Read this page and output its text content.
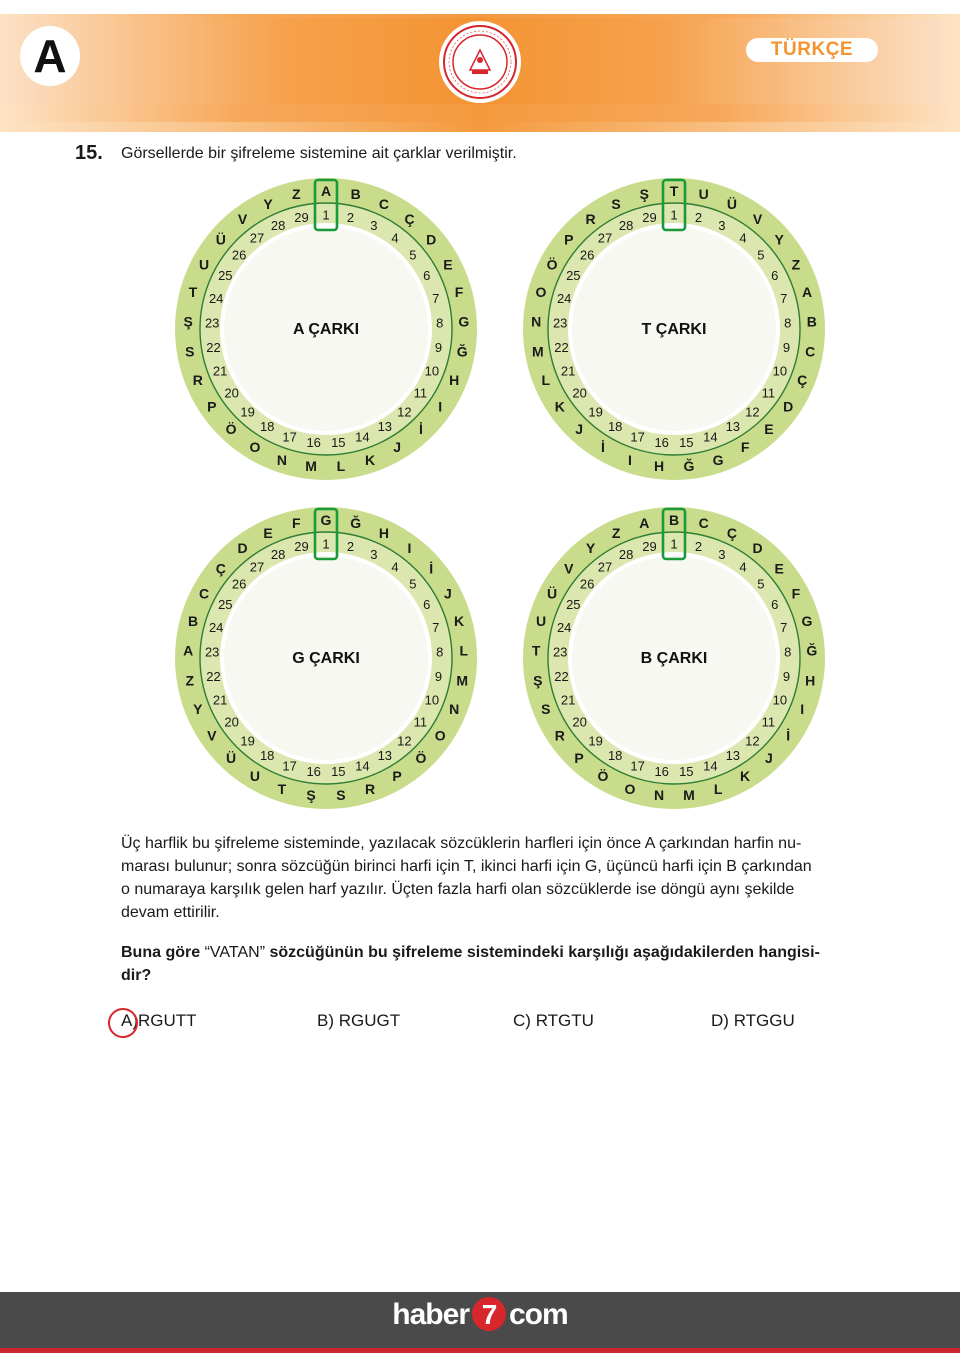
A	TÜRKÇE
15. Görsellerde bir şifreleme sistemine ait çarklar verilmiştir.
A
1
B
2
C
3 Ç
4 D
5
E
6
F
7
G
8
Ğ
9
H
10
I
11
İ
12
J
13
K
14
L
15
M
16
N
17
O
18
Ö
19
P
20
R
21
S 22
Ş 23
T 24
U
25
Ü
26
V
27
Y
28
Z
29
A ÇARKI
T
1
U
2
Ü
3 V
4 Y
5
Z
6
A
7
B
8
C
9
Ç
10
D
11
E
12
F
13
G
14
Ğ
15
H
16
I
17
İ
18
J
19
K
20
L
21
M 22
N 23
O 24
Ö
25
P
26
R
27
S
28
Ş
29
T ÇARKI
G
1
Ğ
2
H
3 I
4 İ
5
J
6
K
7
L
8
M
9
N
10
O
11
Ö
12
P
13
R
14
S
15
Ş
16
T
17
U
18
Ü
19
V
20
Y
21
Z 22
A 23
B 24
C
25
Ç
26
D
27
E
28
F
29
G ÇARKI
B
1
C
2
Ç
3 D
4 E
5
F
6
G
7
Ğ
8
H
9
I
10
İ
11
J
12
K
13
L
14
M
15
N
16
O
17
Ö
18
P
19
R
20
S
21
Ş 22
T 23
U 24
Ü
25
V
26
Y
27
Z
28
A
29
B ÇARKI

Üç harflik bu şifreleme sisteminde, yazılacak sözcüklerin harfleri için önce A çarkından harfin nu-

marası bulunur; sonra sözcüğün birinci harfi için T, ikinci harfi için G, üçüncü harfi için B çarkından

o numaraya karşılık gelen harf yazılır. Üçten fazla harfi olan sözcüklerde ise döngü aynı şekilde

devam ettirilir.

Buna göre “VATAN” sözcüğünün bu şifreleme sistemindeki karşılığı aşağıdakilerden hangisi-
dir?
A)RGUTT	B) RGUGT	C) RTGTU	D) RTGGU
haber 7 com
